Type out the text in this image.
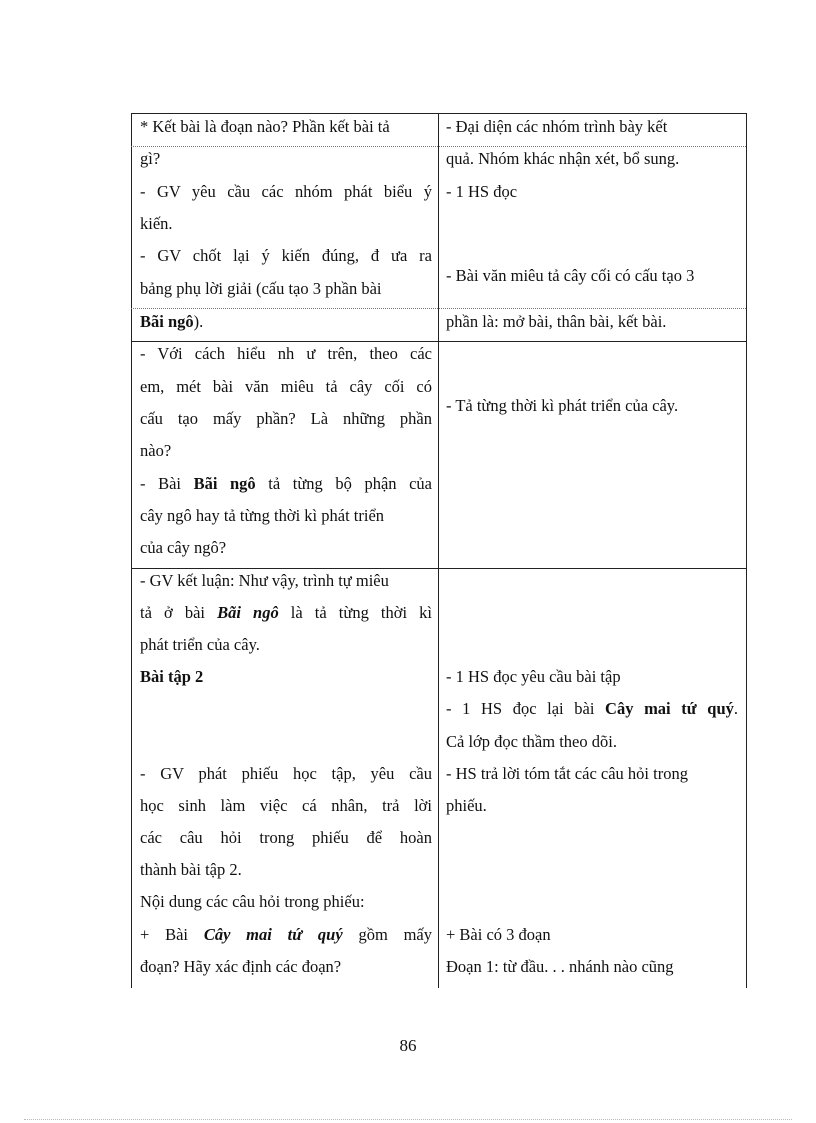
* Kết bài là đoạn nào? Phần kết bài tả
gì?
- GV yêu cầu các nhóm phát biểu ý
kiến.
- GV chốt lại ý kiến đúng, đ ưa ra
bảng phụ lời giải (cấu tạo 3 phần bài
Bãi ngô).
- Đại diện các nhóm trình bày kết
quả. Nhóm khác nhận xét, bổ sung.
- 1 HS đọc
- Bài văn miêu tả cây cối có cấu tạo 3
phần là: mở bài, thân bài, kết bài.
- Với cách hiểu nh ư trên, theo các
em, mét bài văn miêu tả cây cối có
cấu tạo mấy phần? Là những phần
nào?
- Bài Bãi ngô tả từng bộ phận của
cây ngô hay tả từng thời kì phát triển
của cây ngô?
- Tả từng thời kì phát triển của cây.
- GV kết luận: Như vậy, trình tự miêu
tả ở bài Bãi ngô là tả từng thời kì
phát triển của cây.
Bài tập 2
- GV phát phiếu học tập, yêu cầu
học sinh làm việc cá nhân, trả lời
các câu hỏi trong phiếu để hoàn
thành bài tập 2.
Nội dung các câu hỏi trong phiếu:
+ Bài Cây mai tứ quý gồm mấy
đoạn? Hãy xác định các đoạn?
- 1 HS đọc yêu cầu bài tập
- 1 HS đọc lại bài Cây mai tứ quý.
Cả lớp đọc thầm theo dõi.
- HS trả lời tóm tắt các câu hỏi trong
phiếu.
+ Bài có 3 đoạn
Đoạn 1: từ đầu. . . nhánh nào cũng
86
